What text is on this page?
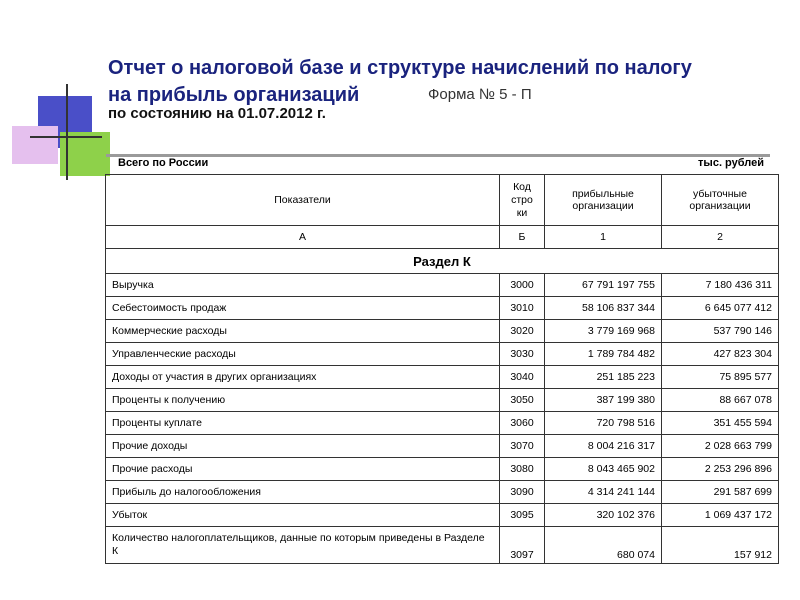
Отчет о налоговой базе и структуре начислений по налогу
на прибыль организаций	Форма № 5 - П
по состоянию на 01.07.2012 г.
Всего по России	тыс. рублей
Показатели	Код стро ки	прибыльные организации	убыточные организации
А	Б	1	2
Раздел К			
Выручка	3000	67 791 197 755	7 180 436 311
Себестоимость продаж	3010	58 106 837 344	6 645 077 412
Коммерческие расходы	3020	3 779 169 968	537 790 146
Управленческие расходы	3030	1 789 784 482	427 823 304
Доходы от участия в других организациях	3040	251 185 223	75 895 577
Проценты к получению	3050	387 199 380	88 667 078
Проценты куплате	3060	720 798 516	351 455 594
Прочие доходы	3070	8 004 216 317	2 028 663 799
Прочие расходы	3080	8 043 465 902	2 253 296 896
Прибыль до налогообложения	3090	4 314 241 144	291 587 699
Убыток	3095	320 102 376	1 069 437 172
Количество налогоплательщиков, данные по которым приведены в Разделе К	3097	680 074	157 912
